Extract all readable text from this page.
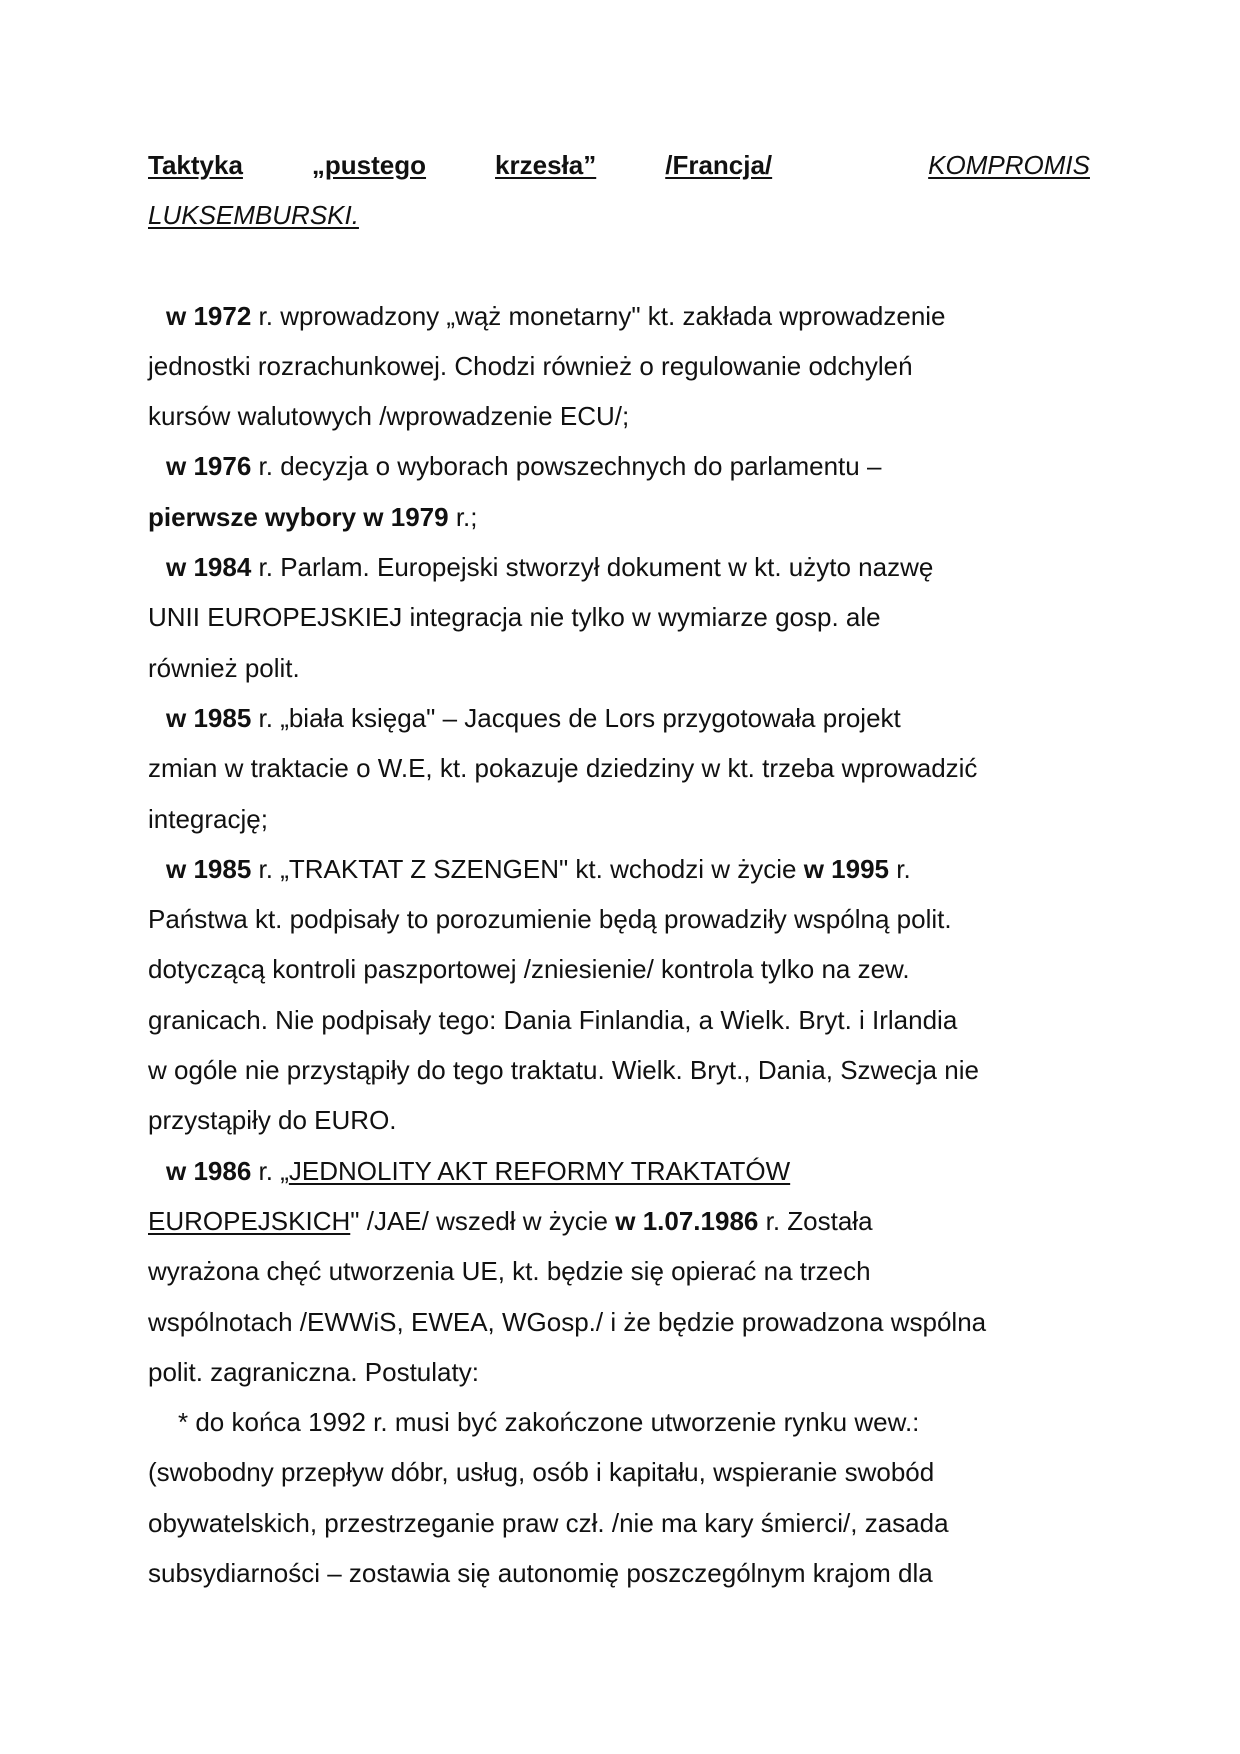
Taktyka	„pustego	krzesła”	/Francja/	KOMPROMIS
LUKSEMBURSKI.

w 1972 r. wprowadzony „wąż monetarny" kt. zakłada wprowadzenie
jednostki rozrachunkowej. Chodzi również o regulowanie odchyleń
kursów walutowych /wprowadzenie ECU/;

w 1976 r. decyzja o wyborach powszechnych do parlamentu –
pierwsze wybory w 1979 r.;

w 1984 r. Parlam. Europejski stworzył dokument w kt. użyto nazwę
UNII EUROPEJSKIEJ integracja nie tylko w wymiarze gosp. ale
również polit.

w 1985 r. „biała księga" – Jacques de Lors przygotowała projekt
zmian w traktacie o W.E, kt. pokazuje dziedziny w kt. trzeba wprowadzić
integrację;

w 1985 r. „TRAKTAT Z SZENGEN" kt. wchodzi w życie w 1995 r.
Państwa kt. podpisały to porozumienie będą prowadziły wspólną polit.
dotyczącą kontroli paszportowej /zniesienie/ kontrola tylko na zew.
granicach. Nie podpisały tego: Dania Finlandia, a Wielk. Bryt. i Irlandia
w ogóle nie przystąpiły do tego traktatu. Wielk. Bryt., Dania, Szwecja nie
przystąpiły do EURO.

w 1986 r. „JEDNOLITY AKT REFORMY TRAKTATÓW
EUROPEJSKICH" /JAE/ wszedł w życie w 1.07.1986 r. Została
wyrażona chęć utworzenia UE, kt. będzie się opierać na trzech
wspólnotach /EWWiS, EWEA, WGosp./ i że będzie prowadzona wspólna
polit. zagraniczna. Postulaty:

* do końca 1992 r. musi być zakończone utworzenie rynku wew.:
(swobodny przepływ dóbr, usług, osób i kapitału, wspieranie swobód
obywatelskich, przestrzeganie praw czł. /nie ma kary śmierci/, zasada
subsydiarności – zostawia się autonomię poszczególnym krajom dla
